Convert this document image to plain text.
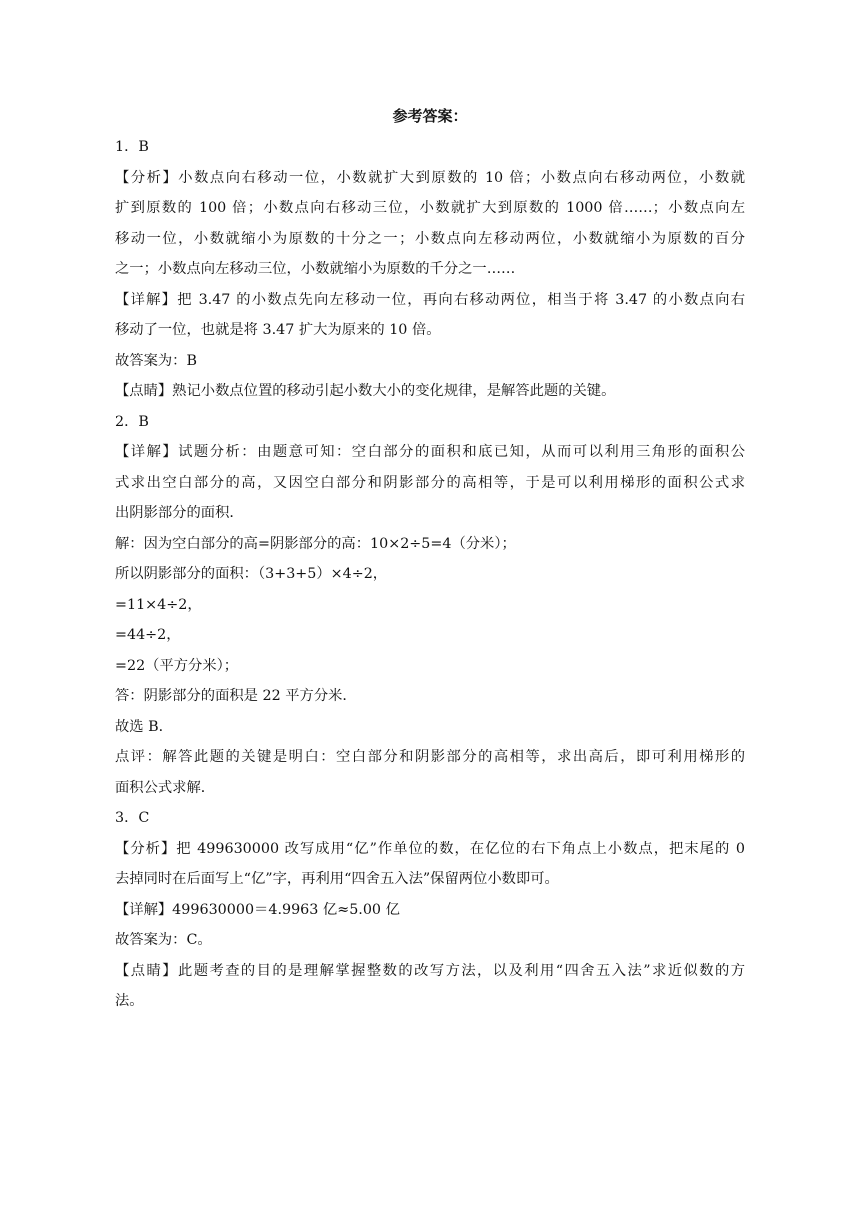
参考答案：

1．B

【分析】小数点向右移动一位，小数就扩大到原数的 10 倍；小数点向右移动两位，小数就

扩到原数的 100 倍；小数点向右移动三位，小数就扩大到原数的 1000 倍……；小数点向左

移动一位，小数就缩小为原数的十分之一；小数点向左移动两位，小数就缩小为原数的百分

之一；小数点向左移动三位，小数就缩小为原数的千分之一……

【详解】把 3.47 的小数点先向左移动一位，再向右移动两位，相当于将 3.47 的小数点向右

移动了一位，也就是将 3.47 扩大为原来的 10 倍。

故答案为：B

【点睛】熟记小数点位置的移动引起小数大小的变化规律，是解答此题的关键。

2．B

【详解】试题分析：由题意可知：空白部分的面积和底已知，从而可以利用三角形的面积公

式求出空白部分的高，又因空白部分和阴影部分的高相等，于是可以利用梯形的面积公式求

出阴影部分的面积．

解：因为空白部分的高=阴影部分的高：10×2÷5=4（分米）；

所以阴影部分的面积：（3+3+5）×4÷2，

=11×4÷2，

=44÷2，

=22（平方分米）；

答：阴影部分的面积是 22 平方分米．

故选 B．

点评：解答此题的关键是明白：空白部分和阴影部分的高相等，求出高后，即可利用梯形的

面积公式求解．

3．C

【分析】把 499630000 改写成用“亿”作单位的数，在亿位的右下角点上小数点，把末尾的 0

去掉同时在后面写上“亿”字，再利用“四舍五入法”保留两位小数即可。

【详解】499630000＝4.9963 亿≈5.00 亿

故答案为：C。

【点睛】此题考查的目的是理解掌握整数的改写方法，以及利用“四舍五入法”求近似数的方

法。
